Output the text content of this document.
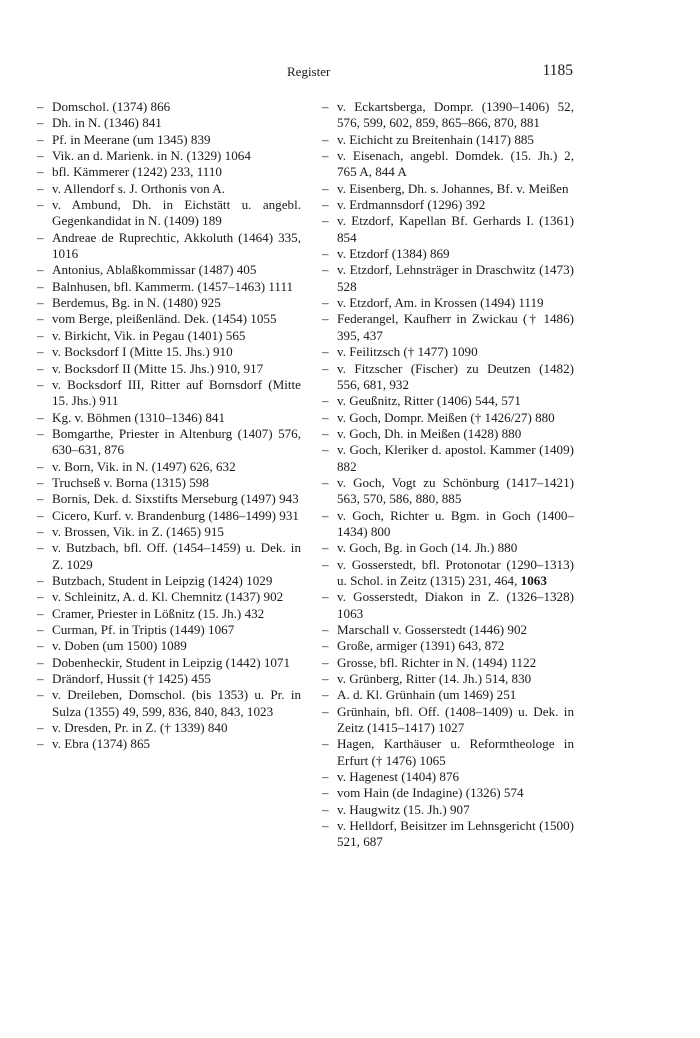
Register	1185
– Domschol. (1374) 866
– Dh. in N. (1346) 841
– Pf. in Meerane (um 1345) 839
– Vik. an d. Marienk. in N. (1329) 1064
– bfl. Kämmerer (1242) 233, 1110
– v. Allendorf s. J. Orthonis von A.
– v. Ambund, Dh. in Eichstätt u. angebl. Gegenkandidat in N. (1409) 189
– Andreae de Ruprechtic, Akkoluth (1464) 335, 1016
– Antonius, Ablaßkommissar (1487) 405
– Balnhusen, bfl. Kammerm. (1457–1463) 1111
– Berdemus, Bg. in N. (1480) 925
– vom Berge, pleißenländ. Dek. (1454) 1055
– v. Birkicht, Vik. in Pegau (1401) 565
– v. Bocksdorf I (Mitte 15. Jhs.) 910
– v. Bocksdorf II (Mitte 15. Jhs.) 910, 917
– v. Bocksdorf III, Ritter auf Bornsdorf (Mitte 15. Jhs.) 911
– Kg. v. Böhmen (1310–1346) 841
– Bomgarthe, Priester in Altenburg (1407) 576, 630–631, 876
– v. Born, Vik. in N. (1497) 626, 632
– Truchseß v. Borna (1315) 598
– Bornis, Dek. d. Sixstifts Merseburg (1497) 943
– Cicero, Kurf. v. Brandenburg (1486–1499) 931
– v. Brossen, Vik. in Z. (1465) 915
– v. Butzbach, bfl. Off. (1454–1459) u. Dek. in Z. 1029
– Butzbach, Student in Leipzig (1424) 1029
– v. Schleinitz, A. d. Kl. Chemnitz (1437) 902
– Cramer, Priester in Lößnitz (15. Jh.) 432
– Curman, Pf. in Triptis (1449) 1067
– v. Doben (um 1500) 1089
– Dobenheckir, Student in Leipzig (1442) 1071
– Drändorf, Hussit († 1425) 455
– v. Dreileben, Domschol. (bis 1353) u. Pr. in Sulza (1355) 49, 599, 836, 840, 843, 1023
– v. Dresden, Pr. in Z. († 1339) 840
– v. Ebra (1374) 865
– v. Eckartsberga, Dompr. (1390–1406) 52, 576, 599, 602, 859, 865–866, 870, 881
– v. Eichicht zu Breitenhain (1417) 885
– v. Eisenach, angebl. Domdek. (15. Jh.) 2, 765 A, 844 A
– v. Eisenberg, Dh. s. Johannes, Bf. v. Meißen
– v. Erdmannsdorf (1296) 392
– v. Etzdorf, Kapellan Bf. Gerhards I. (1361) 854
– v. Etzdorf (1384) 869
– v. Etzdorf, Lehnsträger in Draschwitz (1473) 528
– v. Etzdorf, Am. in Krossen (1494) 1119
– Federangel, Kaufherr in Zwickau († 1486) 395, 437
– v. Feilitzsch († 1477) 1090
– v. Fitzscher (Fischer) zu Deutzen (1482) 556, 681, 932
– v. Geußnitz, Ritter (1406) 544, 571
– v. Goch, Dompr. Meißen († 1426/27) 880
– v. Goch, Dh. in Meißen (1428) 880
– v. Goch, Kleriker d. apostol. Kammer (1409) 882
– v. Goch, Vogt zu Schönburg (1417–1421) 563, 570, 586, 880, 885
– v. Goch, Richter u. Bgm. in Goch (1400–1434) 800
– v. Goch, Bg. in Goch (14. Jh.) 880
– v. Gosserstedt, bfl. Protonotar (1290–1313) u. Schol. in Zeitz (1315) 231, 464, 1063
– v. Gosserstedt, Diakon in Z. (1326–1328) 1063
– Marschall v. Gosserstedt (1446) 902
– Große, armiger (1391) 643, 872
– Grosse, bfl. Richter in N. (1494) 1122
– v. Grünberg, Ritter (14. Jh.) 514, 830
– A. d. Kl. Grünhain (um 1469) 251
– Grünhain, bfl. Off. (1408–1409) u. Dek. in Zeitz (1415–1417) 1027
– Hagen, Karthäuser u. Reformtheologe in Erfurt († 1476) 1065
– v. Hagenest (1404) 876
– vom Hain (de Indagine) (1326) 574
– v. Haugwitz (15. Jh.) 907
– v. Helldorf, Beisitzer im Lehnsgericht (1500) 521, 687
